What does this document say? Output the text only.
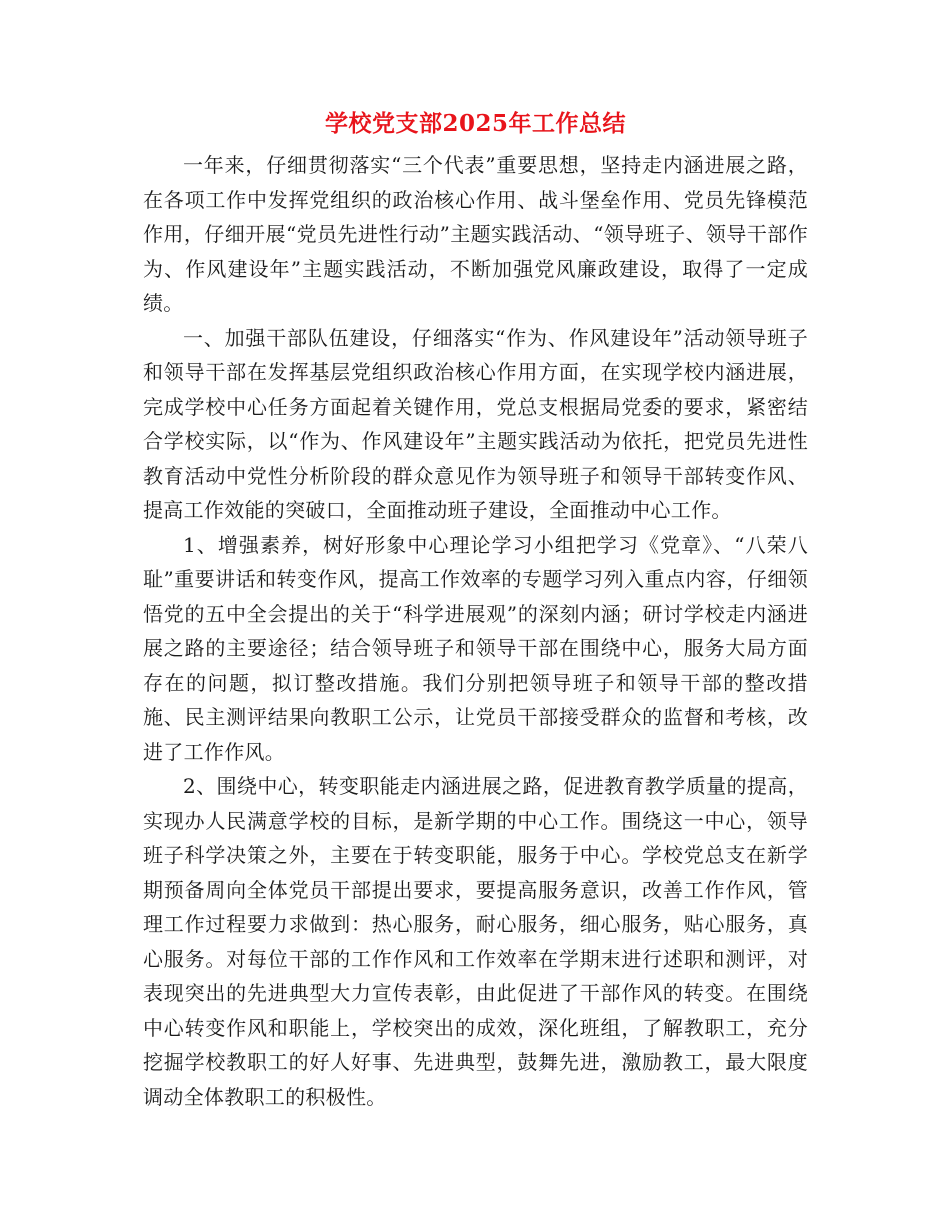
学校党支部2025年工作总结

一年来，仔细贯彻落实“三个代表”重要思想，坚持走内涵进展之路，在各项工作中发挥党组织的政治核心作用、战斗堡垒作用、党员先锋模范作用，仔细开展“党员先进性行动”主题实践活动、“领导班子、领导干部作为、作风建设年”主题实践活动，不断加强党风廉政建设，取得了一定成绩。

一、加强干部队伍建设，仔细落实“作为、作风建设年”活动领导班子和领导干部在发挥基层党组织政治核心作用方面，在实现学校内涵进展，完成学校中心任务方面起着关键作用，党总支根据局党委的要求，紧密结合学校实际，以“作为、作风建设年”主题实践活动为依托，把党员先进性教育活动中党性分析阶段的群众意见作为领导班子和领导干部转变作风、提高工作效能的突破口，全面推动班子建设，全面推动中心工作。

1、增强素养，树好形象中心理论学习小组把学习《党章》、“八荣八耻”重要讲话和转变作风，提高工作效率的专题学习列入重点内容，仔细领悟党的五中全会提出的关于“科学进展观”的深刻内涵；研讨学校走内涵进展之路的主要途径；结合领导班子和领导干部在围绕中心，服务大局方面存在的问题，拟订整改措施。我们分别把领导班子和领导干部的整改措施、民主测评结果向教职工公示，让党员干部接受群众的监督和考核，改进了工作作风。

2、围绕中心，转变职能走内涵进展之路，促进教育教学质量的提高，实现办人民满意学校的目标，是新学期的中心工作。围绕这一中心，领导班子科学决策之外，主要在于转变职能，服务于中心。学校党总支在新学期预备周向全体党员干部提出要求，要提高服务意识，改善工作作风，管理工作过程要力求做到：热心服务，耐心服务，细心服务，贴心服务，真心服务。对每位干部的工作作风和工作效率在学期末进行述职和测评，对表现突出的先进典型大力宣传表彰，由此促进了干部作风的转变。在围绕中心转变作风和职能上，学校突出的成效，深化班组，了解教职工，充分挖掘学校教职工的好人好事、先进典型，鼓舞先进，激励教工，最大限度调动全体教职工的积极性。
